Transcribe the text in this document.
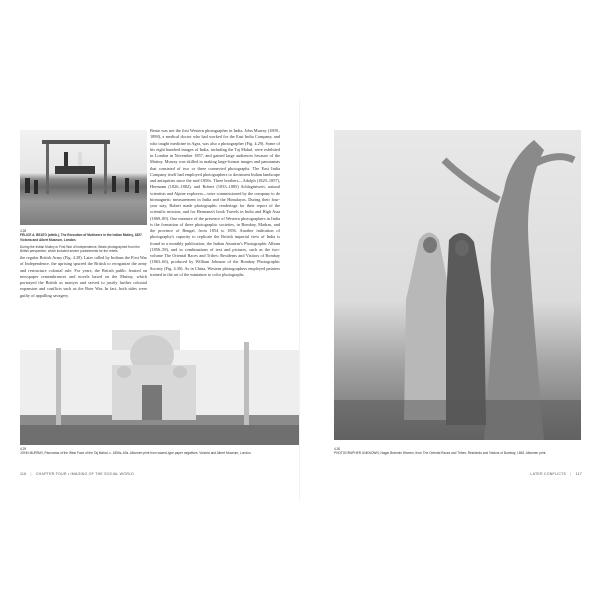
4.28
FÉLICE A. BEATO (attrib.), The Execution of Mutineers in the Indian Mutiny, 1857. Victoria and Albert Museum, London.
During the Indian Mutiny or First War of Independence, Beato photographed from the British perspective, which included severe punishments for the rebels.
the regular British Army (Fig. 4.28). Later called by Indians the First War of Independence, the uprising spurred the British to reorganize the army and restructure colonial rule. For years, the British public feasted on newspaper remembrances and novels based on the Mutiny, which portrayed the British as martyrs and served to justify further colonial expansion and conflicts such as the Boer War. In fact, both sides were guilty of appalling savagery.
Beato was not the first Western photographer in India. John Murray (1809–1898), a medical doctor who had worked for the East India Company, and who taught medicine in Agra, was also a photographer (Fig. 4.29). Some of his eight hundred images of India, including the Taj Mahal, were exhibited in London in November 1857, and gained large audiences because of the Mutiny. Murray was skilled in making large-format images and panoramas that consisted of two or three connected photographs. The East India Company itself had employed photographers to document Indian landscape and antiquities since the mid-1850s. Three brothers—Adolph (1829–1857), Hermann (1826–1882), and Robert (1833–1885) Schlagintweit, natural scientists and Alpine explorers—were commissioned by the company to do biomagnetic measurement in India and the Himalayas. During their four-year stay, Robert made photographic renderings for their report of the scientific mission, and for Hermann's book Travels in India and High Asia (1869–80). One measure of the presence of Western photographers in India is the formation of three photographic societies, in Bombay, Madras, and the province of Bengal, from 1854 to 1856. Another indication of photography's capacity to replicate the British imperial view of India is found in a monthly publication, the Indian Amateur's Photographic Album (1856–58), and in combinations of text and pictures, such as the two-volume The Oriental Races and Tribes: Residents and Visitors of Bombay (1863–66), produced by William Johnson of the Bombay Photographic Society (Fig. 4.30). As in China, Western photographers employed painters trained in the art of the miniature to color photographs.
4.29
JOHN MURRAY, Panorama of the West Face of the Taj Mahal, c. 1850s–60s. Albumen print from waxed-type paper negatives. Victoria and Albert Museum, London.
116 | CHAPTER FOUR • IMAGING OF THE SOCIAL WORLD
4.30
PHOTOGRAPHER UNKNOWN, Nagar Brahmin Women, from The Oriental Races and Tribes: Residents and Visitors of Bombay, 1863. Albumen print.
LATER CONFLICTS | 117
